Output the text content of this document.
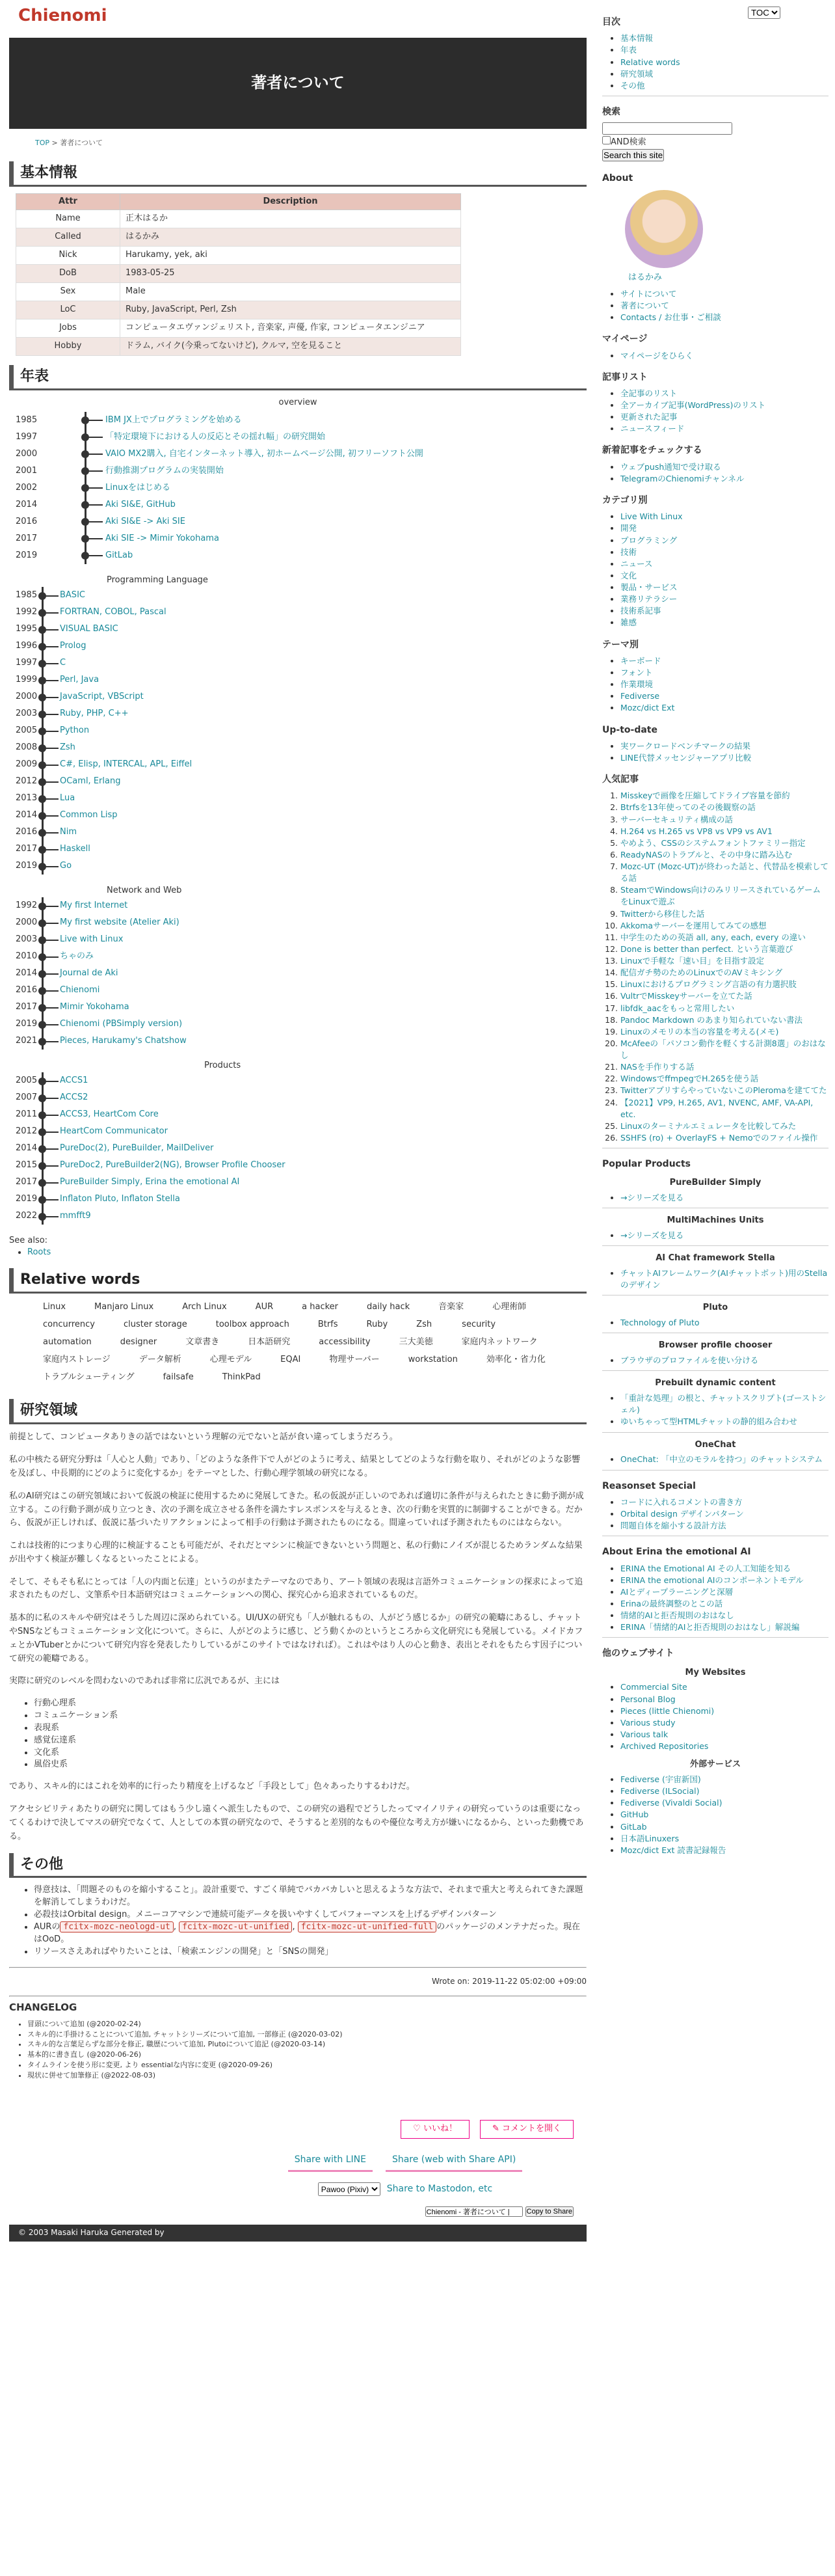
TOC
Chienomi
著者について
TOP > 著者について
基本情報
Attr	Description
Name	正木はるか
Called	はるかみ
Nick	Harukamy, yek, aki
DoB	1983-05-25
Sex	Male
LoC	Ruby, JavaScript, Perl, Zsh
Jobs	コンピュータエヴァンジェリスト, 音楽家, 声優, 作家, コンピュータエンジニア
Hobby	ドラム, バイク(今乗ってないけど), クルマ, 空を見ること
年表
overview
1985	IBM JX上でプログラミングを始める
1997	「特定環境下における人の反応とその揺れ幅」の研究開始
2000	VAIO MX2購入, 自宅インターネット導入, 初ホームページ公開, 初フリーソフト公開
2001	行動推測プログラムの実装開始
2002	Linuxをはじめる
2014	Aki SI&E, GitHub
2016	Aki SI&E -> Aki SIE
2017	Aki SIE -> Mimir Yokohama
2019	GitLab
Programming Language
1985	BASIC
1992	FORTRAN, COBOL, Pascal
1995	VISUAL BASIC
1996	Prolog
1997	C
1999	Perl, Java
2000	JavaScript, VBScript
2003	Ruby, PHP, C++
2005	Python
2008	Zsh
2009	C#, Elisp, INTERCAL, APL, Eiffel
2012	OCaml, Erlang
2013	Lua
2014	Common Lisp
2016	Nim
2017	Haskell
2019	Go
Network and Web
1992	My first Internet
2000	My first website (Atelier Aki)
2003	Live with Linux
2010	ちゃのみ
2014	Journal de Aki
2016	Chienomi
2017	Mimir Yokohama
2019	Chienomi (PBSimply version)
2021	Pieces, Harukamy's Chatshow
Products
2005	ACCS1
2007	ACCS2
2011	ACCS3, HeartCom Core
2012	HeartCom Communicator
2014	PureDoc(2), PureBuilder, MailDeliver
2015	PureDoc2, PureBuilder2(NG), Browser Profile Chooser
2017	PureBuilder Simply, Erina the emotional AI
2019	Inflaton Pluto, Inflaton Stella
2022	mmfft9
See also:
• Roots
Relative words
Linux	Manjaro Linux	Arch Linux	AUR	a hacker	daily hack	音楽家	心理術師
concurrency	cluster storage	toolbox approach	Btrfs	Ruby	Zsh	security
automation	designer	文章書き	日本語研究	accessibility	三大美徳	家庭内ネットワーク
家庭内ストレージ	データ解析	心理モデル	EQAI	物理サーバー	workstation	効率化・省力化
トラブルシューティング	failsafe	ThinkPad
研究領域

前提として、コンピュータありきの話ではないという理解の元でないと話が食い違ってしまうだろう。

私の中核たる研究分野は「人心と人動」であり、「どのような条件下で人がどのように考え、結果としてどのような行動を取り、それがどのような影響を及ぼし、中長期的にどのように変化するか」をテーマとした、行動心理学領域の研究になる。

私のAI研究はこの研究領域において仮説の検証に使用するために発展してきた。私の仮説が正しいのであれば適切に条件が与えられたときに動予測が成立する。この行動予測が成り立つとき、次の予測を成立させる条件を満たすレスポンスを与えるとき、次の行動を実質的に制御することができる。だから、仮説が正しければ、仮説に基づいたリアクションによって相手の行動は予測されたものになる。間違っていれば予測されたものにはならない。

これは技術的につまり心理的に検証することも可能だが、それだとマシンに検証できないという問題と、私の行動にノイズが混じるためランダムな結果が出やすく検証が難しくなるといったことによる。

そして、そもそも私にとっては「人の内面と伝達」というのがまたテーマなのであり、アート領域の表現は言語外コミュニケーションの探求によって追求されたものだし、文筆系や日本語研究はコミュニケーションへの関心、探究心から追求されているものだ。

基本的に私のスキルや研究はそうした周辺に深められている。UI/UXの研究も「人が触れるもの、人がどう感じるか」の研究の範疇にあるし、チャットやSNSなどもコミュニケーション文化について。さらに、人がどのように感じ、どう動くかのというところから文化研究にも発展している。メイドカフェとかVTuberとかについて研究内容を発表したりしているがこのサイトではなければ）。これはやはり人の心と動き、表出とそれをもたらす因子について研究の範疇である。

実際に研究のレベルを問わないのであれば非常に広汎であるが、主には

• 行動心理系
• コミュニケーション系
• 表現系
• 感覚伝達系
• 文化系
• 風俗史系

であり、スキル的にはこれを効率的に行ったり精度を上げるなど「手段として」色々あったりするわけだ。

アクセシビリティあたりの研究に関してはもう少し遠くへ派生したもので、この研究の過程でどうしたってマイノリティの研究っていうのは重要になってくるわけで決してマスの研究でなくて、人としての本質の研究なので、そうすると差別的なものや優位な考え方が嫌いになるから、といった動機である。

その他
• 得意技は、「問題そのものを縮小すること」。設計重要で、すごく単純でバカバカしいと思えるような方法で、それまで重大と考えられてきた課題を解消してしまうわけだ。
• 必殺技はOrbital design。メニーコアマシンで連続可能データを扱いやすくしてパフォーマンスを上げるデザインパターン
• AURの fcitx-mozc-neologd-ut , fcitx-mozc-ut-unified , fcitx-mozc-ut-unified-full のパッケージのメンテナだった。現在はOoD。
• リソースさえあればやりたいことは、「検索エンジンの開発」と「SNSの開発」
Wrote on: 2019-11-22 05:02:00 +09:00
CHANGELOG
• 冒頭について追加 (@2020-02-24)
• スキル的に手掛けることについて追加, チャットシリーズについて追加, 一部修正 (@2020-03-02)
• スキル的な言葉足らずな部分を修正, 職歴について追加, Plutoについて追記 (@2020-03-14)
• 基本的に書き直し (@2020-06-26)
• タイムラインを使う形に変更, より essentialな内容に変更 (@2020-09-26)
• 現状に併せて加筆修正 (@2022-08-03)
♡ いいね！	✎ コメントを開く
Share with LINE	Share (web with Share API)
Pawoo (Pixiv)
Share to Mastodon, etc
Chienomi - 著者について |
Copy to Share
© 2003 Masaki Haruka Generated by
目次
• 基本情報
• 年表
• Relative words
• 研究領域
• その他
検索

AND検索
Search this site
About
はるかみ
• サイトについて
• 著者について
• Contacts / お仕事・ご相談
マイページ
• マイページをひらく
記事リスト
• 全記事のリスト
• 全アーカイブ記事(WordPress)のリスト
• 更新された記事
• ニュースフィード
新着記事をチェックする
• ウェブpush通知で受け取る
• TelegramのChienomiチャンネル
カテゴリ別
• Live With Linux
• 開発
• プログラミング
• 技術
• ニュース
• 文化
• 製品・サービス
• 業務リテラシー
• 技術系記事
• 雑感
テーマ別
• キーボード
• フォント
• 作業環境
• Fediverse
• Mozc/dict Ext
Up-to-date
• 実ワークロードベンチマークの結果
• LINE代替メッセンジャーアプリ比較
人気記事
1. Misskeyで画像を圧縮してドライブ容量を節約
2. Btrfsを13年使ってのその後観察の話
3. サーバーセキュリティ構成の話
4. H.264 vs H.265 vs VP8 vs VP9 vs AV1
5. やめよう、CSSのシステムフォントファミリー指定
6. ReadyNASのトラブルと、その中身に踏み込む
7. Mozc-UT (Mozc-UT)が終わった話と、代替品を模索してる話
8. SteamでWindows向けのみリリースされているゲームをLinuxで遊ぶ
9. Twitterから移住した話
10. Akkomaサーバーを運用してみての感想
11. 中学生のための英語 all, any, each, every の違い
12. Done is better than perfect. という言葉遊び
13. Linuxで手軽な「速い目」を目指す設定
14. 配信ガチ勢のためのLinuxでのAVミキシング
15. Linuxにおけるプログラミング言語の有力選択肢
16. VultrでMisskeyサーバーを立てた話
17. libfdk_aacをもっと常用したい
18. Pandoc Markdown のあまり知られていない書法
19. Linuxのメモリの本当の容量を考える(メモ)
20. McAfeeの「パソコン動作を軽くする計測8選」のおはなし
21. NASを手作りする話
22. WindowsでffmpegでH.265を使う話
23. TwitterアプリすらやっていないこのPleromaを建ててた
24. 【2021】VP9, H.265, AV1, NVENC, AMF, VA-API, etc.
25. Linuxのターミナルエミュレータを比較してみた
26. SSHFS (ro) + OverlayFS + Nemoでのファイル操作
Popular Products
PureBuilder Simply
• →シリーズを見る
MultiMachines Units
• →シリーズを見る
AI Chat framework Stella
• チャットAIフレームワーク(AIチャットボット)用のStellaのデザイン
Pluto
• Technology of Pluto
Browser profile chooser
• ブラウザのプロファイルを使い分ける
Prebuilt dynamic content
• 「重計な処理」の根と、チャットスクリプト(ゴーストシェル)
• ゆいちゃって型HTMLチャットの静的組み合わせ
OneChat
• OneChat: 「中立のモラルを持つ」のチャットシステム
Reasonset Special
• コードに入れるコメントの書き方
• Orbital design デザインパターン
• 問題自体を縮小する設計方法
About Erina the emotional AI
• ERINA the Emotional AI その人工知能を知る
• ERINA the emotional AIのコンポーネントモデル
• AIとディープラーニングと深層
• Erinaの最終調整のとこの話
• 情緒的AIと拒否規則のおはなし
• ERINA「情緒的AIと拒否規則のおはなし」解説編
他のウェブサイト
My Websites
• Commercial Site
• Personal Blog
• Pieces (little Chienomi)
• Various study
• Various talk
• Archived Repositories
外部サービス
• Fediverse (宇宙新国)
• Fediverse (ILSocial)
• Fediverse (Vivaldi Social)
• GitHub
• GitLab
• 日本語Linuxers
• Mozc/dict Ext 読書記録報告
